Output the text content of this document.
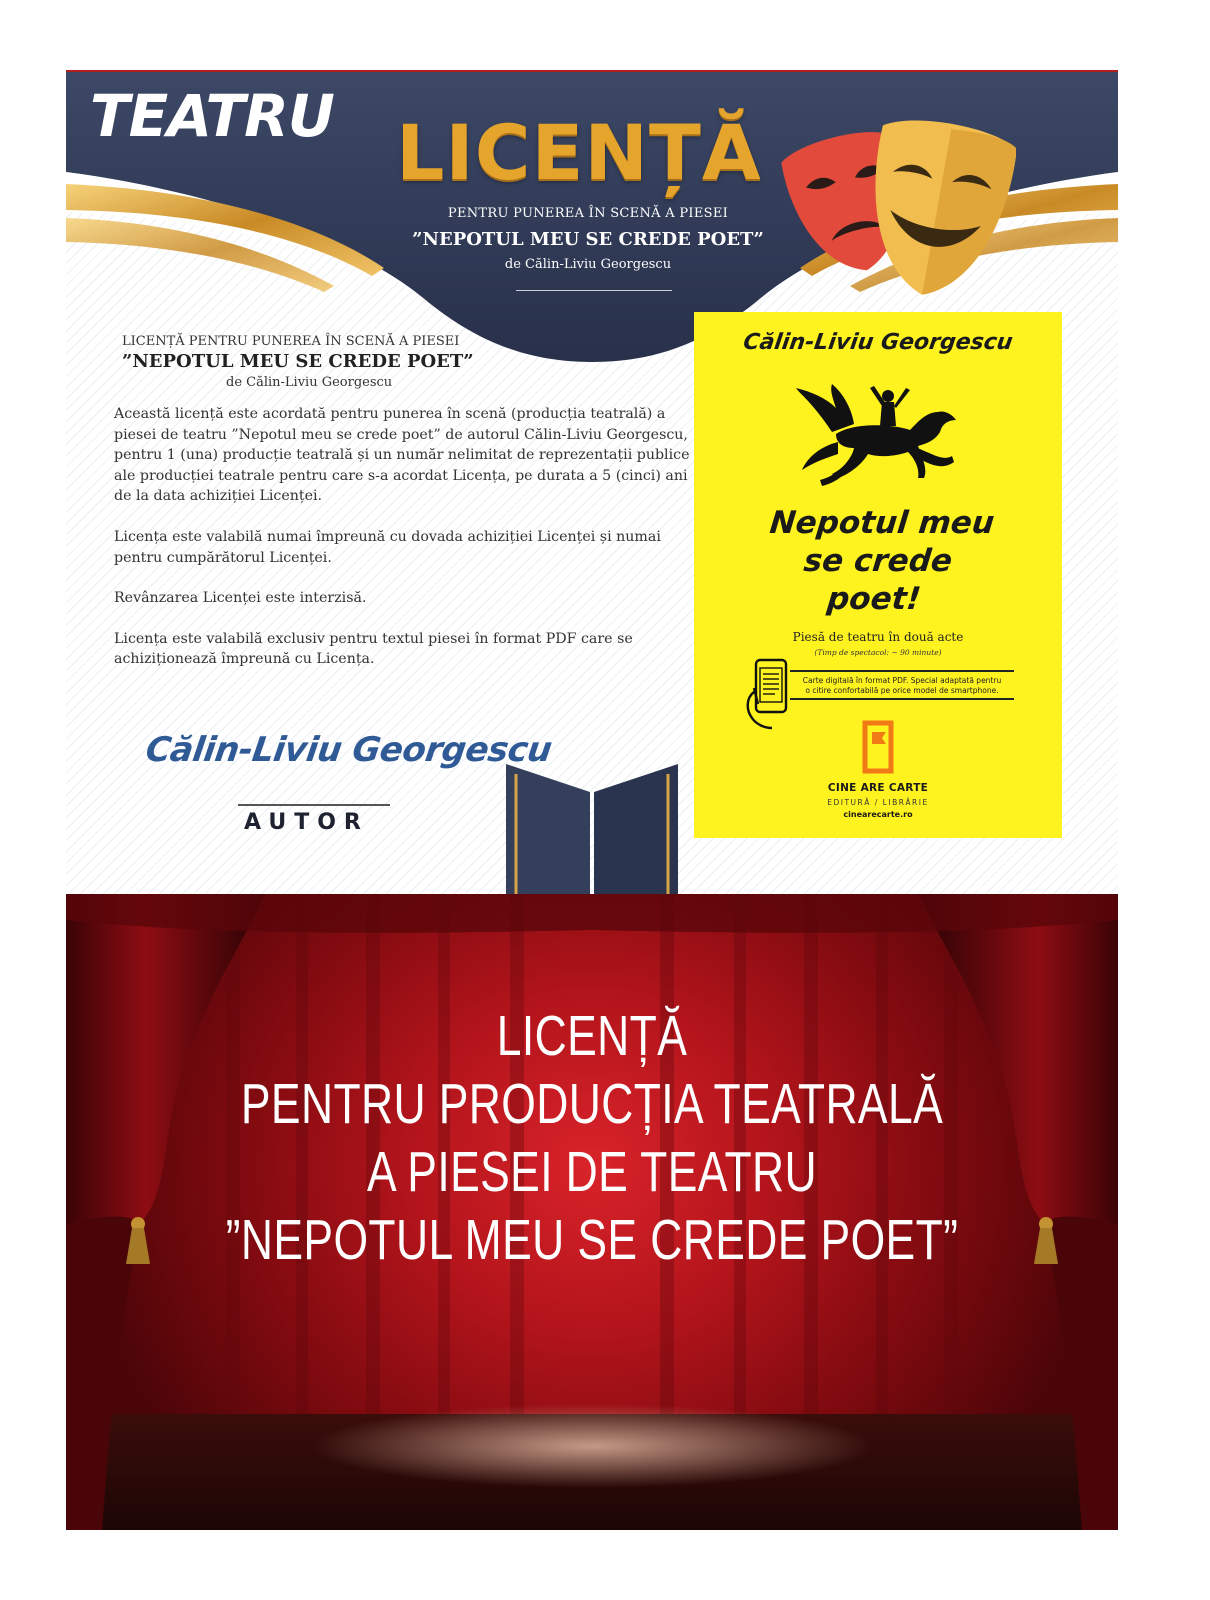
TEATRU LICENȚĂ
PENTRU PUNEREA ÎN SCENĂ A PIESEI
”NEPOTUL MEU SE CREDE POET”
de Călin-Liviu Georgescu
LICENȚĂ PENTRU PUNEREA ÎN SCENĂ A PIESEI
”NEPOTUL MEU SE CREDE POET”
de Călin-Liviu Georgescu

Această licență este acordată pentru punerea în scenă (producția teatrală) a piesei de teatru ”Nepotul meu se crede poet” de autorul Călin-Liviu Georgescu, pentru 1 (una) producție teatrală și un număr nelimitat de reprezentații publice ale producției teatrale pentru care s-a acordat Licența, pe durata a 5 (cinci) ani de la data achiziției Licenței.

Licența este valabilă numai împreună cu dovada achiziției Licenței și numai pentru cumpărătorul Licenței.

Revânzarea Licenței este interzisă.

Licența este valabilă exclusiv pentru textul piesei în format PDF care se achiziționează împreună cu Licența.

Călin-Liviu Georgescu
AUTOR
Călin-Liviu Georgescu
Nepotul meu
se crede
poet!
Piesă de teatru în două acte
(Timp de spectacol: ~ 90 minute)
Carte digitală în format PDF. Special adaptată pentru
o citire confortabilă pe orice model de smartphone.
CINE ARE CARTE
EDITURĂ / LIBRĂRIE
cinearecarte.ro
LICENȚĂ
PENTRU PRODUCȚIA TEATRALĂ
A PIESEI DE TEATRU
”NEPOTUL MEU SE CREDE POET”
